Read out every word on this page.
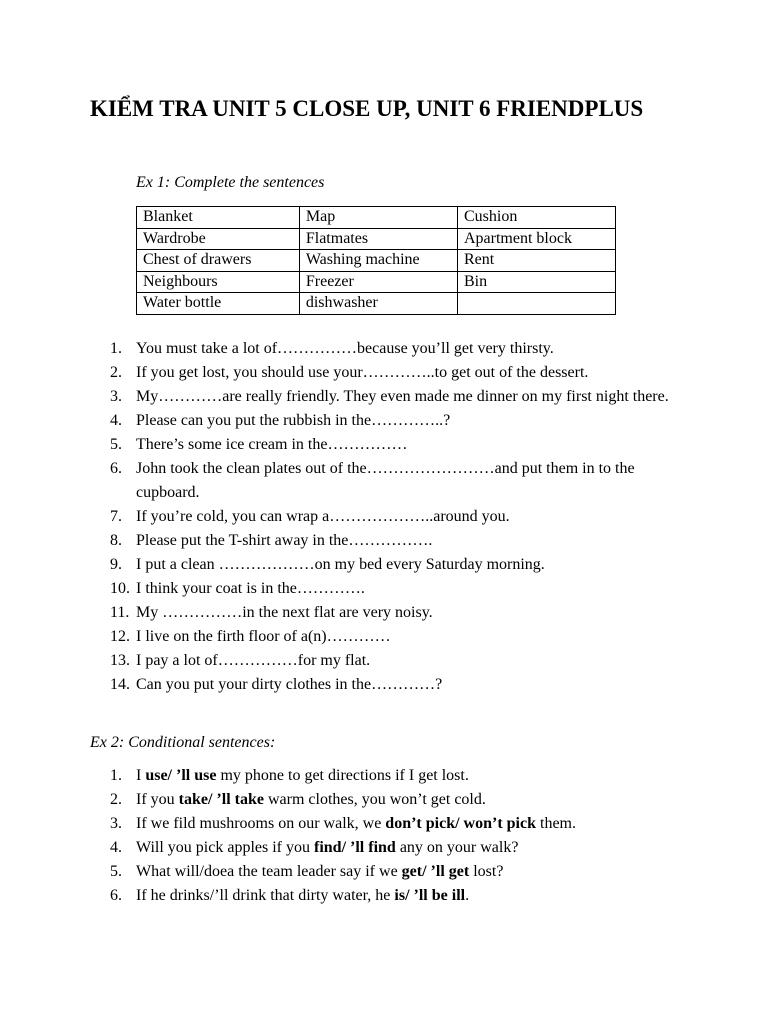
KIỂM TRA UNIT 5 CLOSE UP, UNIT 6 FRIENDPLUS

Ex 1: Complete the sentences

Blanket	Map	Cushion
Wardrobe	Flatmates	Apartment block
Chest of drawers	Washing machine	Rent
Neighbours	Freezer	Bin
Water bottle	dishwasher	
1. You must take a lot of……………because you’ll get very thirsty.
2. If you get lost, you should use your…………..to get out of the dessert.
3. My…………are really friendly. They even made me dinner on my first night there.
4. Please can you put the rubbish in the…………..?
5. There’s some ice cream in the……………
6. John took the clean plates out of the……………………and put them in to the cupboard.
7. If you’re cold, you can wrap a………………..around you.
8. Please put the T-shirt away in the…………….
9. I put a clean ………………on my bed every Saturday morning.
10. I think your coat is in the………….
11. My ……………in the next flat are very noisy.
12. I live on the firth floor of a(n)…………
13. I pay a lot of……………for my flat.
14. Can you put your dirty clothes in the…………?

Ex 2: Conditional sentences:

1. I use/ ’ll use my phone to get directions if I get lost.
2. If you take/ ’ll take warm clothes, you won’t get cold.
3. If we fild mushrooms on our walk, we don’t pick/ won’t pick them.
4. Will you pick apples if you find/ ’ll find any on your walk?
5. What will/doea the team leader say if we get/ ’ll get lost?
6. If he drinks/’ll drink that dirty water, he is/ ’ll be ill.
